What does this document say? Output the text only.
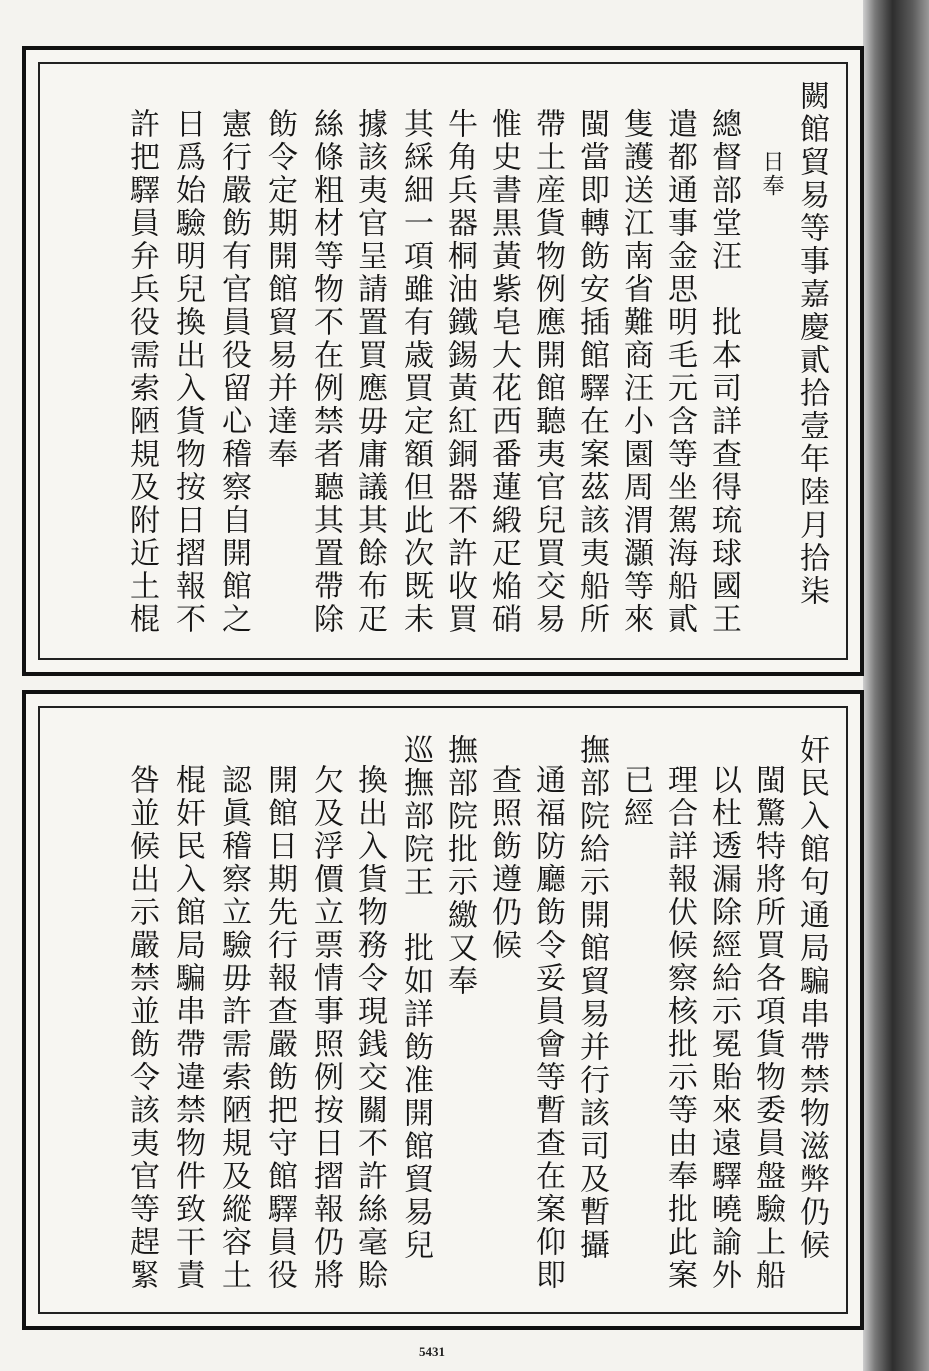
闕館貿易等事嘉慶貳拾壹年陸月拾柒
日奉
總督部堂汪　批本司詳查得琉球國王
遣都通事金思明毛元含等坐駕海船貳
隻護送江南省難商汪小園周渭灝等來
閩當即轉飭安插館驛在案茲該夷船所
帶土産貨物例應開館聽夷官兒買交易
惟史書黒黃紫皂大花西番蓮緞疋焔硝
牛角兵器桐油鐵錫黃紅銅器不許收買
其綵細一項雖有歳買定額但此次既未
據該夷官呈請置買應毋庸議其餘布疋
絲條粗材等物不在例禁者聽其置帶除
飭令定期開館貿易并達奉
憲行嚴飭有官員役留心稽察自開館之
日爲始驗明兒換出入貨物按日摺報不
許把驛員弁兵役需索陋規及附近土棍
奸民入館句通局騙串帶禁物滋弊仍候
閩驚特將所買各項貨物委員盤驗上船
以杜透漏除經給示冕貽來遠驛曉諭外
理合詳報伏候察核批示等由奉批此案
已經
撫部院給示開館貿易并行該司及暫攝
通福防廳飭令妥員會等暫查在案仰即
查照飭遵仍候
撫部院批示繳又奉
巡撫部院王　批如詳飭准開館貿易兒
換出入貨物務令現銭交關不許絲毫賒
欠及浮價立票情事照例按日摺報仍將
開館日期先行報查嚴飭把守館驛員役
認眞稽察立驗毋許需索陋規及縱容土
棍奸民入館局騙串帶違禁物件致干責
咎並候出示嚴禁並飭令該夷官等趕緊
5431
